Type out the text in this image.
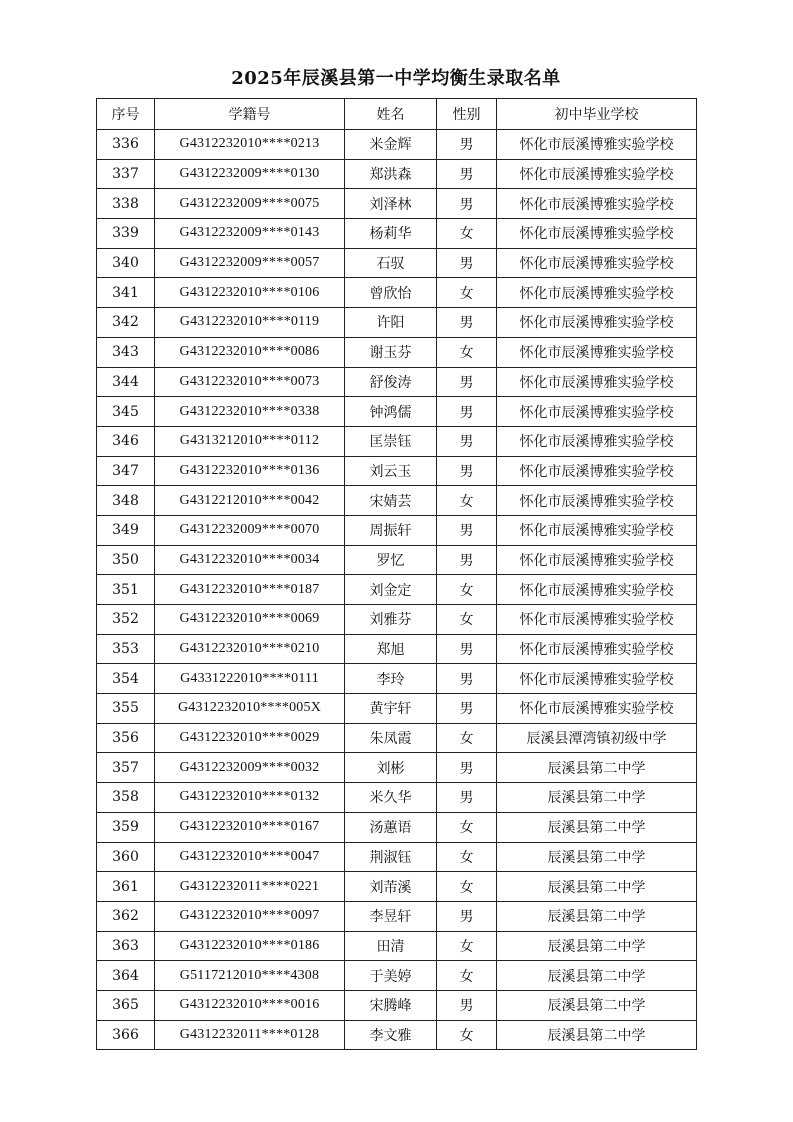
2025年辰溪县第一中学均衡生录取名单
序号	学籍号	姓名	性别	初中毕业学校
336	G4312232010****0213	米金辉	男	怀化市辰溪博雅实验学校
337	G4312232009****0130	郑洪森	男	怀化市辰溪博雅实验学校
338	G4312232009****0075	刘泽林	男	怀化市辰溪博雅实验学校
339	G4312232009****0143	杨莉华	女	怀化市辰溪博雅实验学校
340	G4312232009****0057	石驭	男	怀化市辰溪博雅实验学校
341	G4312232010****0106	曾欣怡	女	怀化市辰溪博雅实验学校
342	G4312232010****0119	许阳	男	怀化市辰溪博雅实验学校
343	G4312232010****0086	谢玉芬	女	怀化市辰溪博雅实验学校
344	G4312232010****0073	舒俊涛	男	怀化市辰溪博雅实验学校
345	G4312232010****0338	钟鸿儒	男	怀化市辰溪博雅实验学校
346	G4313212010****0112	匡崇钰	男	怀化市辰溪博雅实验学校
347	G4312232010****0136	刘云玉	男	怀化市辰溪博雅实验学校
348	G4312212010****0042	宋婧芸	女	怀化市辰溪博雅实验学校
349	G4312232009****0070	周振轩	男	怀化市辰溪博雅实验学校
350	G4312232010****0034	罗忆	男	怀化市辰溪博雅实验学校
351	G4312232010****0187	刘金定	女	怀化市辰溪博雅实验学校
352	G4312232010****0069	刘雅芬	女	怀化市辰溪博雅实验学校
353	G4312232010****0210	郑旭	男	怀化市辰溪博雅实验学校
354	G4331222010****0111	李玲	男	怀化市辰溪博雅实验学校
355	G4312232010****005X	黄宇轩	男	怀化市辰溪博雅实验学校
356	G4312232010****0029	朱凤霞	女	辰溪县潭湾镇初级中学
357	G4312232009****0032	刘彬	男	辰溪县第二中学
358	G4312232010****0132	米久华	男	辰溪县第二中学
359	G4312232010****0167	汤蕙语	女	辰溪县第二中学
360	G4312232010****0047	荆淑钰	女	辰溪县第二中学
361	G4312232011****0221	刘芾溪	女	辰溪县第二中学
362	G4312232010****0097	李昱轩	男	辰溪县第二中学
363	G4312232010****0186	田清	女	辰溪县第二中学
364	G5117212010****4308	于美婷	女	辰溪县第二中学
365	G4312232010****0016	宋腾峰	男	辰溪县第二中学
366	G4312232011****0128	李文雅	女	辰溪县第二中学
